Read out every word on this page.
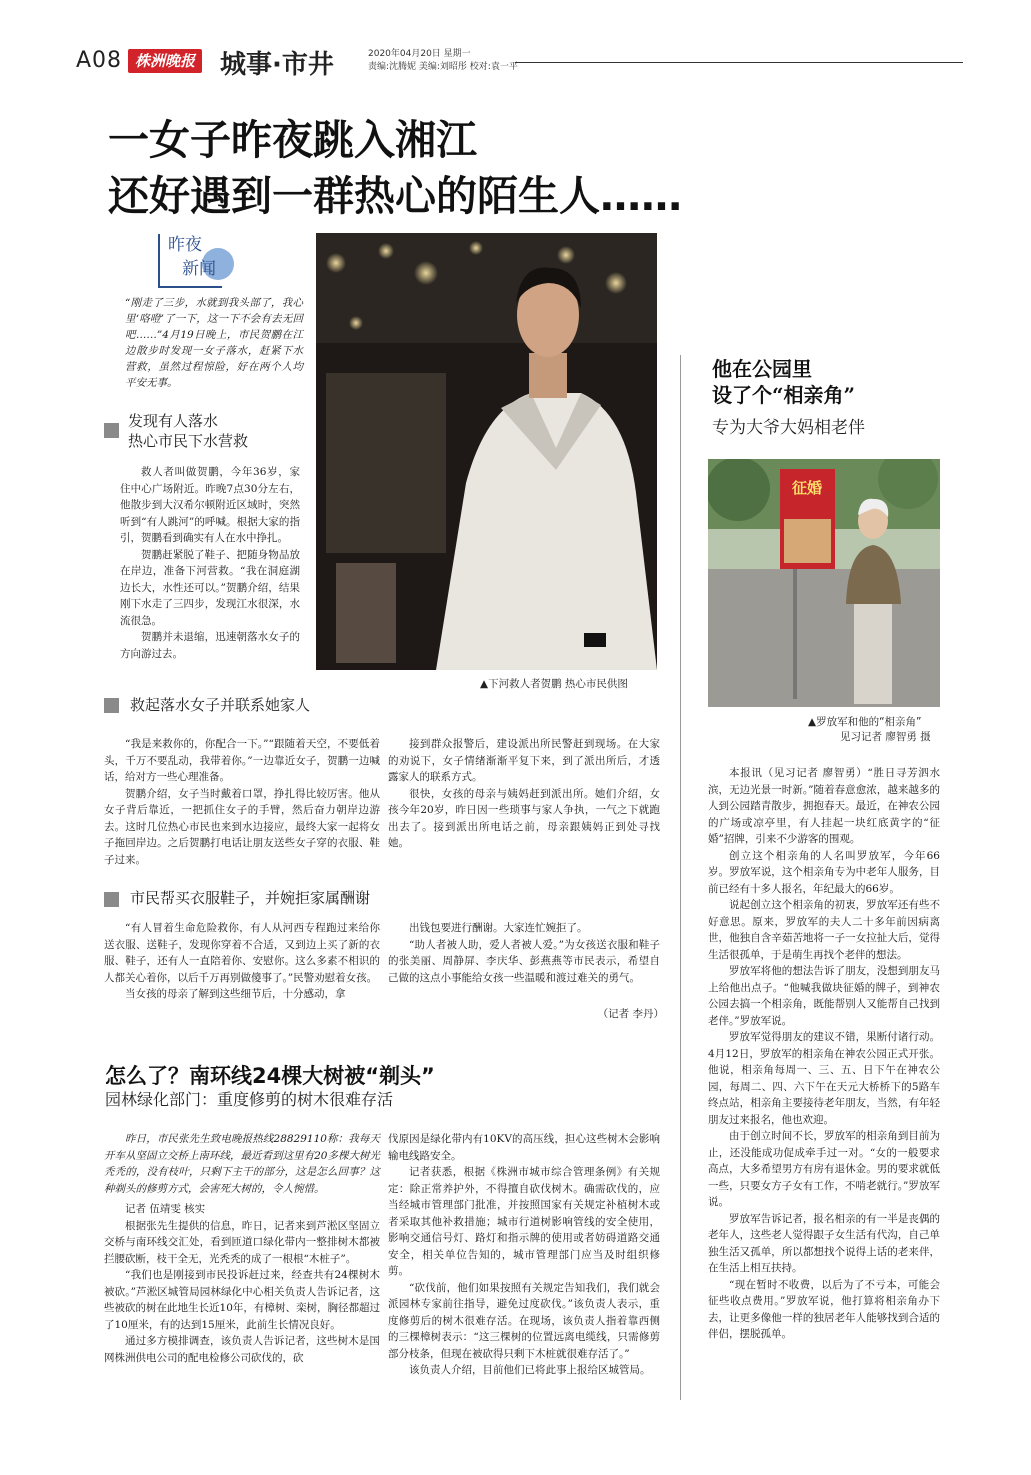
A08 株洲晚报 城事·市井	2020年04月20日 星期一
责编:沈腾妮 美编:刘昭彤 校对:袁一平
一女子昨夜跳入湘江
还好遇到一群热心的陌生人……
昨夜
新闻
“刚走了三步，水就到我头部了，我心里‘咯噔’了一下，这一下不会有去无回吧……”4月19日晚上，市民贺鹏在江边散步时发现一女子落水，赶紧下水营救，虽然过程惊险，好在两个人均平安无事。
发现有人落水
热心市民下水营救

救人者叫做贺鹏，今年36岁，家住中心广场附近。昨晚7点30分左右，他散步到大汉希尔顿附近区域时，突然听到“有人跳河”的呼喊。根据大家的指引，贺鹏看到确实有人在水中挣扎。

贺鹏赶紧脱了鞋子、把随身物品放在岸边，准备下河营救。“我在洞庭湖边长大，水性还可以。”贺鹏介绍，结果刚下水走了三四步，发现江水很深，水流很急。

贺鹏并未退缩，迅速朝落水女子的方向游过去。

▲下河救人者贺鹏 热心市民供图
救起落水女子并联系她家人

“我是来救你的，你配合一下。”“跟随着天空，不要低着头，千万不要乱动，我带着你。”一边靠近女子，贺鹏一边喊话，给对方一些心理准备。

贺鹏介绍，女子当时戴着口罩，挣扎得比较厉害。他从女子背后靠近，一把抓住女子的手臂，然后奋力朝岸边游去。这时几位热心市民也来到水边接应，最终大家一起将女子拖回岸边。之后贺鹏打电话让朋友送些女子穿的衣服、鞋子过来。

接到群众报警后，建设派出所民警赶到现场。在大家的劝说下，女子情绪渐渐平复下来，到了派出所后，才透露家人的联系方式。

很快，女孩的母亲与姨妈赶到派出所。她们介绍，女孩今年20岁，昨日因一些琐事与家人争执，一气之下就跑出去了。接到派出所电话之前，母亲跟姨妈正到处寻找她。

市民帮买衣服鞋子，并婉拒家属酬谢

“有人冒着生命危险救你，有人从河西专程跑过来给你送衣服、送鞋子，发现你穿着不合适，又到边上买了新的衣服、鞋子，还有人一直陪着你、安慰你。这么多素不相识的人都关心着你，以后千万再别做傻事了。”民警劝慰着女孩。

当女孩的母亲了解到这些细节后，十分感动，拿

出钱包要进行酬谢。大家连忙婉拒了。

“助人者被人助，爱人者被人爱。”为女孩送衣服和鞋子的张美丽、周静屏、李庆华、彭燕燕等市民表示，希望自己做的这点小事能给女孩一些温暖和渡过难关的勇气。

（记者 李丹）
他在公园里
设了个“相亲角”
专为大爷大妈相老伴
征婚
▲罗放军和他的“相亲角”
见习记者 廖智勇 摄

本报讯（见习记者 廖智勇）“胜日寻芳泗水滨，无边光景一时新。”随着春意愈浓，越来越多的人到公园踏青散步，拥抱春天。最近，在神农公园的广场或凉亭里，有人挂起一块红底黄字的“征婚”招牌，引来不少游客的围观。

创立这个相亲角的人名叫罗放军，今年66岁。罗放军说，这个相亲角专为中老年人服务，目前已经有十多人报名，年纪最大的66岁。

说起创立这个相亲角的初衷，罗放军还有些不好意思。原来，罗放军的夫人二十多年前因病离世，他独自含辛茹苦地将一子一女拉扯大后，觉得生活很孤单，于是萌生再找个老伴的想法。

罗放军将他的想法告诉了朋友，没想到朋友马上给他出点子。“他喊我做块征婚的牌子，到神农公园去搞一个相亲角，既能帮别人又能帮自己找到老伴。”罗放军说。

罗放军觉得朋友的建议不错，果断付诸行动。4月12日，罗放军的相亲角在神农公园正式开张。他说，相亲角每周一、三、五、日下午在神农公园，每周二、四、六下午在天元大桥桥下的5路车终点站，相亲角主要接待老年朋友，当然，有年轻朋友过来报名，他也欢迎。

由于创立时间不长，罗放军的相亲角到目前为止，还没能成功促成牵手过一对。“女的一般要求高点，大多希望男方有房有退休金。男的要求就低一些，只要女方子女有工作，不啃老就行。”罗放军说。

罗放军告诉记者，报名相亲的有一半是丧偶的老年人，这些老人觉得跟子女生活有代沟，自己单独生活又孤单，所以都想找个说得上话的老来伴，在生活上相互扶持。

“现在暂时不收费，以后为了不亏本，可能会征些收点费用。”罗放军说，他打算将相亲角办下去，让更多像他一样的独居老年人能够找到合适的伴侣，摆脱孤单。

怎么了？南环线24棵大树被“剃头”
园林绿化部门：重度修剪的树木很难存活

昨日，市民张先生致电晚报热线28829110称：我每天开车从坚固立交桥上南环线，最近看到这里有20多棵大树光秃秃的，没有枝叶，只剩下主干的部分，这是怎么回事？这种剃头的修剪方式，会害死大树的，令人惋惜。

记者 伍靖雯 核实

根据张先生提供的信息，昨日，记者来到芦淞区坚固立交桥与南环线交汇处，看到匝道口绿化带内一整排树木都被拦腰砍断，枝干全无，光秃秃的成了一根根“木桩子”。

“我们也是刚接到市民投诉赶过来，经查共有24棵树木被砍。”芦淞区城管局园林绿化中心相关负责人告诉记者，这些被砍的树在此地生长近10年，有樟树、栾树，胸径都超过了10厘米，有的达到15厘米，此前生长情况良好。

通过多方模排调查，该负责人告诉记者，这些树木是国网株洲供电公司的配电检修公司砍伐的，砍

伐原因是绿化带内有10KV的高压线，担心这些树木会影响输电线路安全。

记者获悉，根据《株洲市城市综合管理条例》有关规定：除正常养护外，不得擅自砍伐树木。确需砍伐的，应当经城市管理部门批准，并按照国家有关规定补植树木或者采取其他补救措施；城市行道树影响管线的安全使用，影响交通信号灯、路灯和指示牌的使用或者妨碍道路交通安全，相关单位告知的，城市管理部门应当及时组织修剪。

“砍伐前，他们如果按照有关规定告知我们，我们就会派园林专家前往指导，避免过度砍伐。”该负责人表示，重度修剪后的树木很难存活。在现场，该负责人指着靠西侧的三棵樟树表示：“这三棵树的位置远离电缆线，只需修剪部分枝条，但现在被砍得只剩下木桩就很难存活了。”

该负责人介绍，目前他们已将此事上报给区城管局。
